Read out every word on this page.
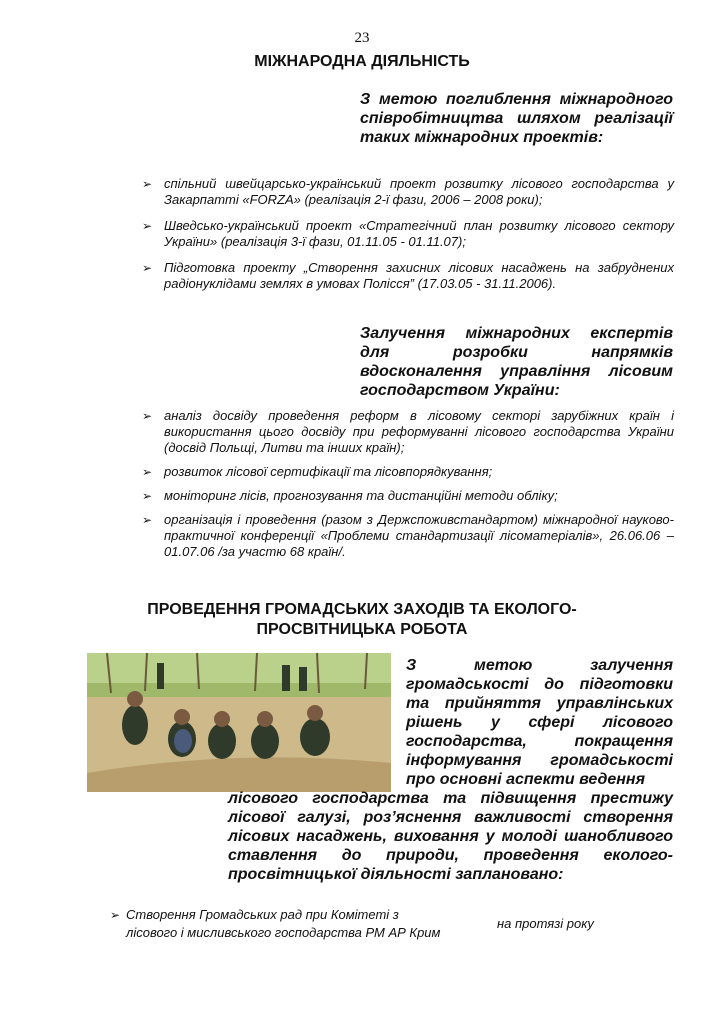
23
МІЖНАРОДНА ДІЯЛЬНІСТЬ
З метою поглиблення міжнародного співробітництва шляхом реалізації таких міжнародних проектів:
➢ спільний швейцарсько-український проект розвитку лісового господарства у Закарпатті «FORZA» (реалізація 2-ї фази, 2006 – 2008 роки);
➢ Шведсько-український проект «Стратегічний план розвитку лісового сектору України» (реалізація 3-ї фази, 01.11.05 - 01.11.07);
➢ Підготовка проекту „Створення захисних лісових насаджень на забруднених радіонуклідами землях в умовах Полісся” (17.03.05 - 31.11.2006).
Залучення міжнародних експертів для розробки напрямків вдосконалення управління лісовим господарством України:
➢ аналіз досвіду проведення реформ в лісовому секторі зарубіжних країн і використання цього досвіду при реформуванні лісового господарства України (досвід Польщі, Литви та інших країн);
➢ розвиток лісової сертифікації та лісовпорядкування;
➢ моніторинг лісів, прогнозування та дистанційні методи обліку;
➢ організація і проведення (разом з Держспоживстандартом) міжнародної науково-практичної конференції «Проблеми стандартизації лісоматеріалів», 26.06.06 – 01.07.06 /за участю 68 країн/.
ПРОВЕДЕННЯ ГРОМАДСЬКИХ ЗАХОДІВ ТА ЕКОЛОГО-
ПРОСВІТНИЦЬКА РОБОТА
З метою залучення громадськості до підготовки та прийняття управлінських рішень у сфері лісового господарства, покращення інформування громадськості про основні аспекти ведення
лісового господарства та підвищення престижу лісової галузі, роз’яснення важливості створення лісових насаджень, виховання у молоді шанобливого ставлення до природи, проведення еколого-просвітницької діяльності заплановано:
➢ Створення Громадських рад при Комітеті з
лісового і мисливського господарства РМ АР Крим
на протязі року
